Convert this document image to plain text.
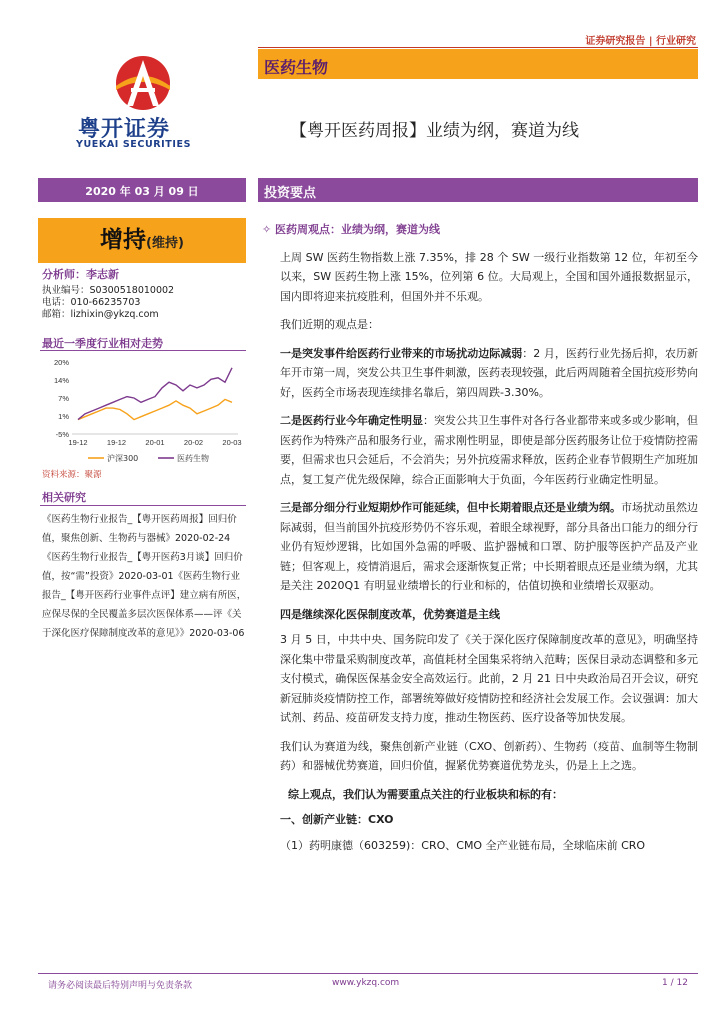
证券研究报告 | 行业研究
医药生物
粤开证券
YUEKAI SECURITIES
【粤开医药周报】业绩为纲，赛道为线
2020 年 03 月 09 日	投资要点
增持(维持)
分析师：李志新
执业编号：S0300518010002
电话：010-66235703
邮箱：lizhixin@ykzq.com
最近一季度行业相对走势
20%
14%
7%
1%
-5%
19-12	19-12	20-01	20-02	20-03
沪深300	医药生物
资料来源：聚源
相关研究
《医药生物行业报告_【粤开医药周报】回归价值，聚焦创新、生物药与器械》2020-02-24《医药生物行业报告_【粤开医药3月谈】回归价值，按“需”投资》2020-03-01《医药生物行业报告_【粤开医药行业事件点评】建立病有所医，应保尽保的全民覆盖多层次医保体系——评《关于深化医疗保障制度改革的意见》》2020-03-06
✧ 医药周观点：业绩为纲，赛道为线

上周 SW 医药生物指数上涨 7.35%，排 28 个 SW 一级行业指数第 12 位，年初至今以来，SW 医药生物上涨 15%，位列第 6 位。大局观上，全国和国外通报数据显示，国内即将迎来抗疫胜利，但国外并不乐观。

我们近期的观点是：

一是突发事件给医药行业带来的市场扰动边际减弱：2 月，医药行业先扬后抑，农历新年开市第一周，突发公共卫生事件刺激，医药表现较强，此后两周随着全国抗疫形势向好，医药全市场表现连续排名靠后，第四周跌-3.30%。

二是医药行业今年确定性明显：突发公共卫生事件对各行各业都带来或多或少影响，但医药作为特殊产品和服务行业，需求刚性明显，即使是部分医药服务让位于疫情防控需要，但需求也只会延后，不会消失；另外抗疫需求释放，医药企业春节假期生产加班加点，复工复产优先级保障，综合正面影响大于负面，今年医药行业确定性明显。

三是部分细分行业短期炒作可能延续，但中长期着眼点还是业绩为纲。市场扰动虽然边际减弱，但当前国外抗疫形势仍不容乐观，着眼全球视野，部分具备出口能力的细分行业仍有短炒逻辑，比如国外急需的呼吸、监护器械和口罩、防护服等医护产品及产业链；但客观上，疫情消退后，需求会逐渐恢复正常；中长期着眼点还是业绩为纲，尤其是关注 2020Q1 有明显业绩增长的行业和标的，估值切换和业绩增长双驱动。

四是继续深化医保制度改革，优势赛道是主线

3 月 5 日，中共中央、国务院印发了《关于深化医疗保障制度改革的意见》，明确坚持深化集中带量采购制度改革，高值耗材全国集采将纳入范畴；医保目录动态调整和多元支付模式，确保医保基金安全高效运行。此前，2 月 21 日中央政治局召开会议，研究新冠肺炎疫情防控工作，部署统筹做好疫情防控和经济社会发展工作。会议强调：加大试剂、药品、疫苗研发支持力度，推动生物医药、医疗设备等加快发展。

我们认为赛道为线，聚焦创新产业链（CXO、创新药）、生物药（疫苗、血制等生物制药）和器械优势赛道，回归价值，握紧优势赛道优势龙头，仍是上上之选。

综上观点，我们认为需要重点关注的行业板块和标的有：

一、创新产业链：CXO

（1）药明康德（603259)：CRO、CMO 全产业链布局，全球临床前 CRO

请务必阅读最后特别声明与免责条款	www.ykzq.com	1 / 12
